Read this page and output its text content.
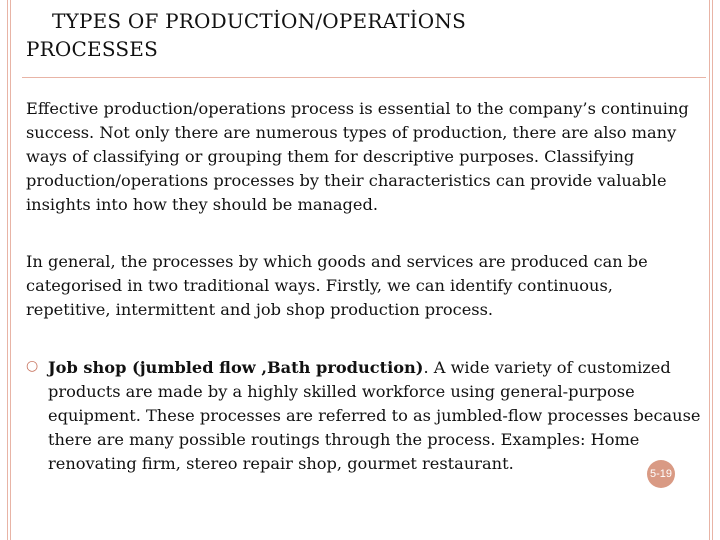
TYPES OF PRODUCTİON/OPERATİONS
PROCESSES
Effective production/operations process is essential to the company’s continuing success. Not only there are numerous types of production, there are also many ways of classifying or grouping them for descriptive purposes. Classifying production/operations processes by their characteristics can provide valuable insights into how they should be managed.
In general, the processes by which goods and services are produced can be categorised in two traditional ways. Firstly, we can identify continuous, repetitive, intermittent and job shop production process.
○ Job shop (jumbled flow ,Bath production). A wide variety of customized products are made by a highly skilled workforce using general-purpose equipment. These processes are referred to as jumbled-flow processes because there are many possible routings through the process. Examples: Home renovating firm, stereo repair shop, gourmet restaurant.
5-19
